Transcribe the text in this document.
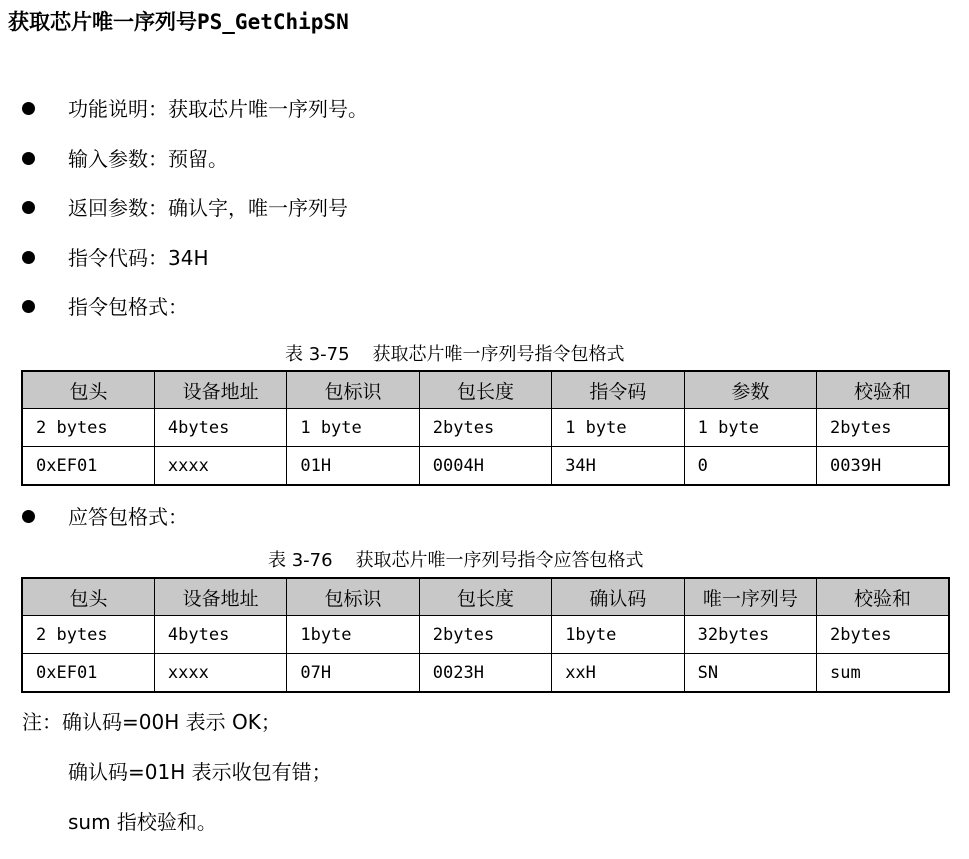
获取芯片唯一序列号PS_GetChipSN
功能说明：获取芯片唯一序列号。
输入参数：预留。
返回参数：确认字，唯一序列号
指令代码：34H
指令包格式：
表 3-75    获取芯片唯一序列号指令包格式
包头	设备地址	包标识	包长度	指令码	参数	校验和
2 bytes	4bytes	1 byte	2bytes	1 byte	1 byte	2bytes
0xEF01	xxxx	01H	0004H	34H	0	0039H
应答包格式：
表 3-76    获取芯片唯一序列号指令应答包格式
包头	设备地址	包标识	包长度	确认码	唯一序列号	校验和
2 bytes	4bytes	1byte	2bytes	1byte	32bytes	2bytes
0xEF01	xxxx	07H	0023H	xxH	SN	sum
注：确认码=00H 表示 OK；
确认码=01H 表示收包有错；
sum 指校验和。
